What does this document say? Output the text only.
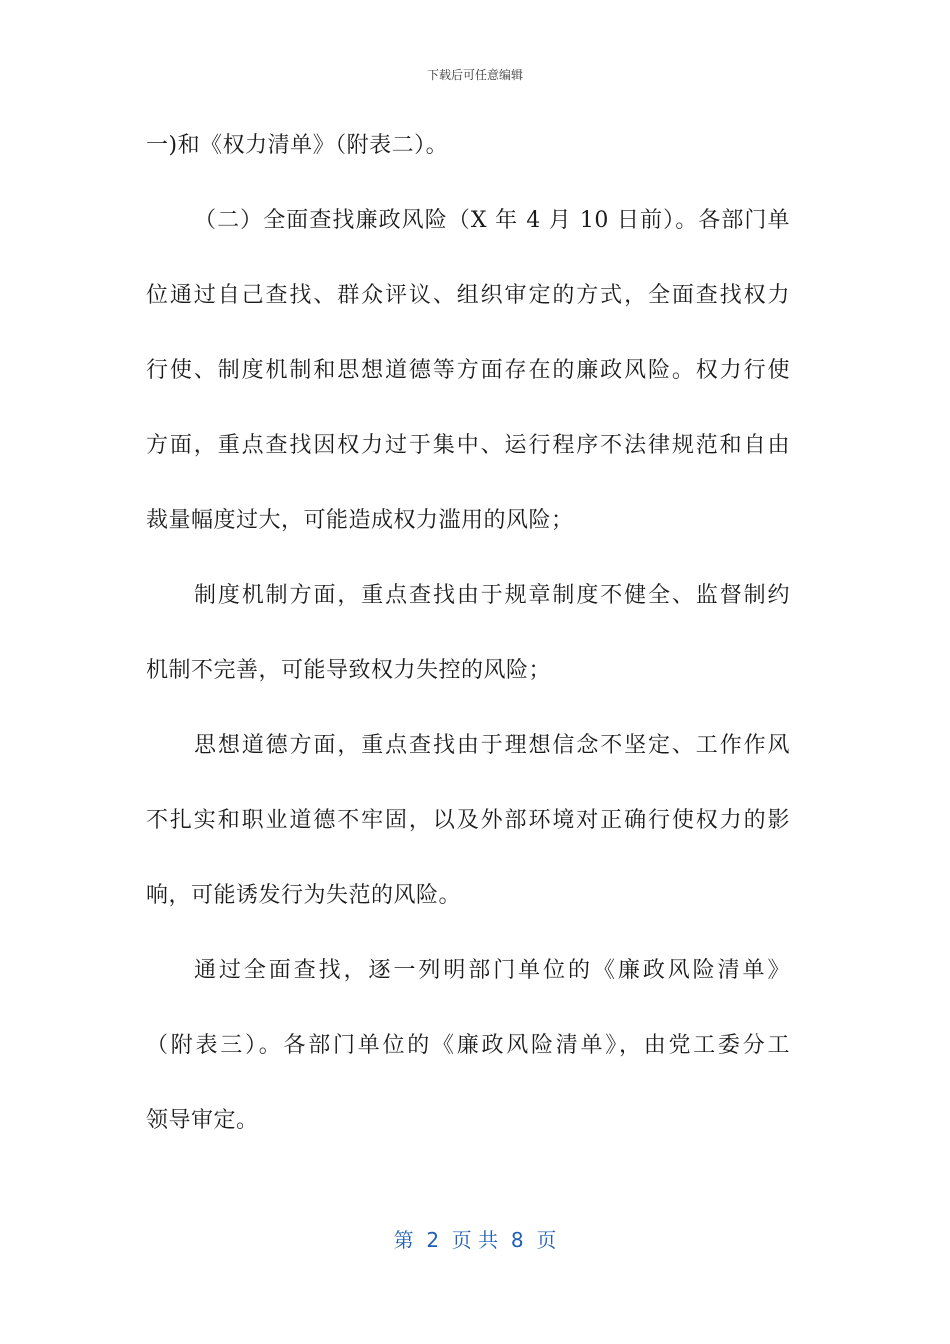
下载后可任意编辑
一)和《权力清单》（附表二）。
（二）全面查找廉政风险（X 年 4 月 10 日前）。各部门单
位通过自己查找、群众评议、组织审定的方式，全面查找权力
行使、制度机制和思想道德等方面存在的廉政风险。权力行使
方面，重点查找因权力过于集中、运行程序不法律规范和自由
裁量幅度过大，可能造成权力滥用的风险；
制度机制方面，重点查找由于规章制度不健全、监督制约
机制不完善，可能导致权力失控的风险；
思想道德方面，重点查找由于理想信念不坚定、工作作风
不扎实和职业道德不牢固，以及外部环境对正确行使权力的影
响，可能诱发行为失范的风险。
通过全面查找，逐一列明部门单位的《廉政风险清单》
（附表三）。各部门单位的《廉政风险清单》，由党工委分工
领导审定。
第  2  页 共  8  页
